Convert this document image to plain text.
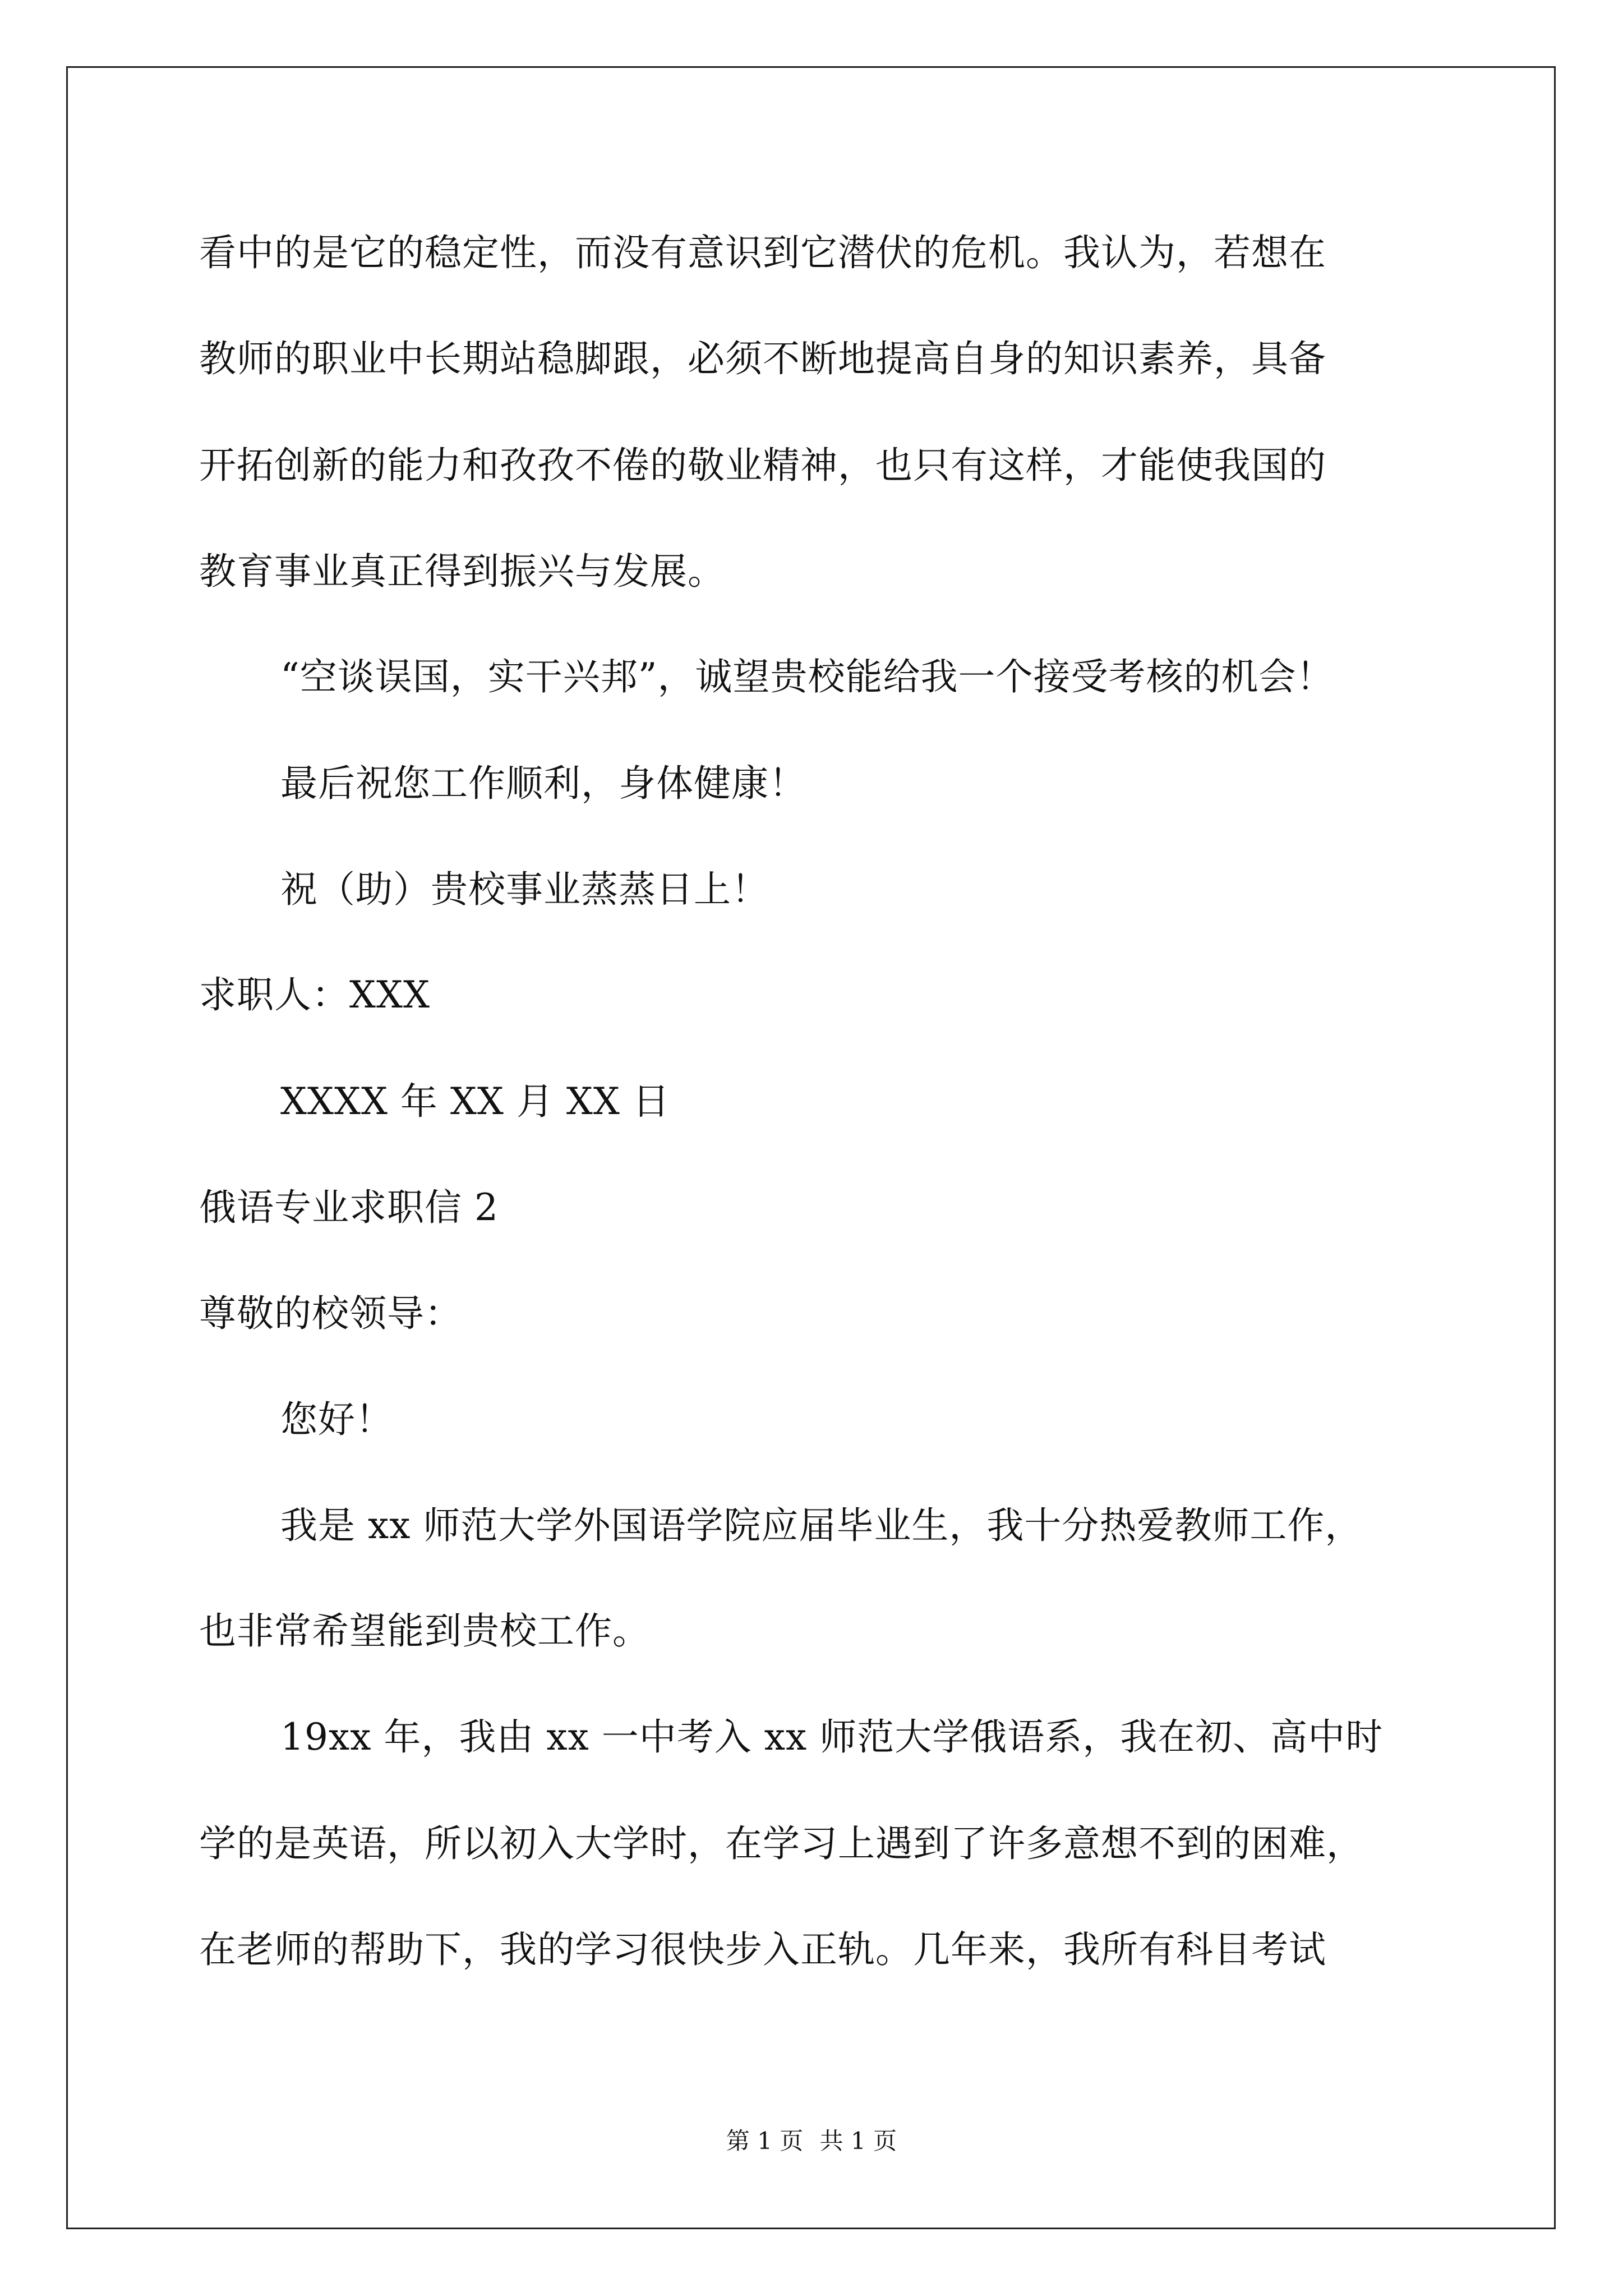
看中的是它的稳定性，而没有意识到它潜伏的危机。我认为，若想在
教师的职业中长期站稳脚跟，必须不断地提高自身的知识素养，具备
开拓创新的能力和孜孜不倦的敬业精神，也只有这样，才能使我国的
教育事业真正得到振兴与发展。
“空谈误国，实干兴邦”，诚望贵校能给我一个接受考核的机会！
最后祝您工作顺利，身体健康！
祝（助）贵校事业蒸蒸日上！
求职人：XXX
XXXX 年 XX 月 XX 日
俄语专业求职信 2
尊敬的校领导：
您好！
我是 xx 师范大学外国语学院应届毕业生，我十分热爱教师工作，
也非常希望能到贵校工作。
19xx 年，我由 xx 一中考入 xx 师范大学俄语系，我在初、高中时
学的是英语，所以初入大学时，在学习上遇到了许多意想不到的困难，
在老师的帮助下，我的学习很快步入正轨。几年来，我所有科目考试
第 1 页 共 1 页
